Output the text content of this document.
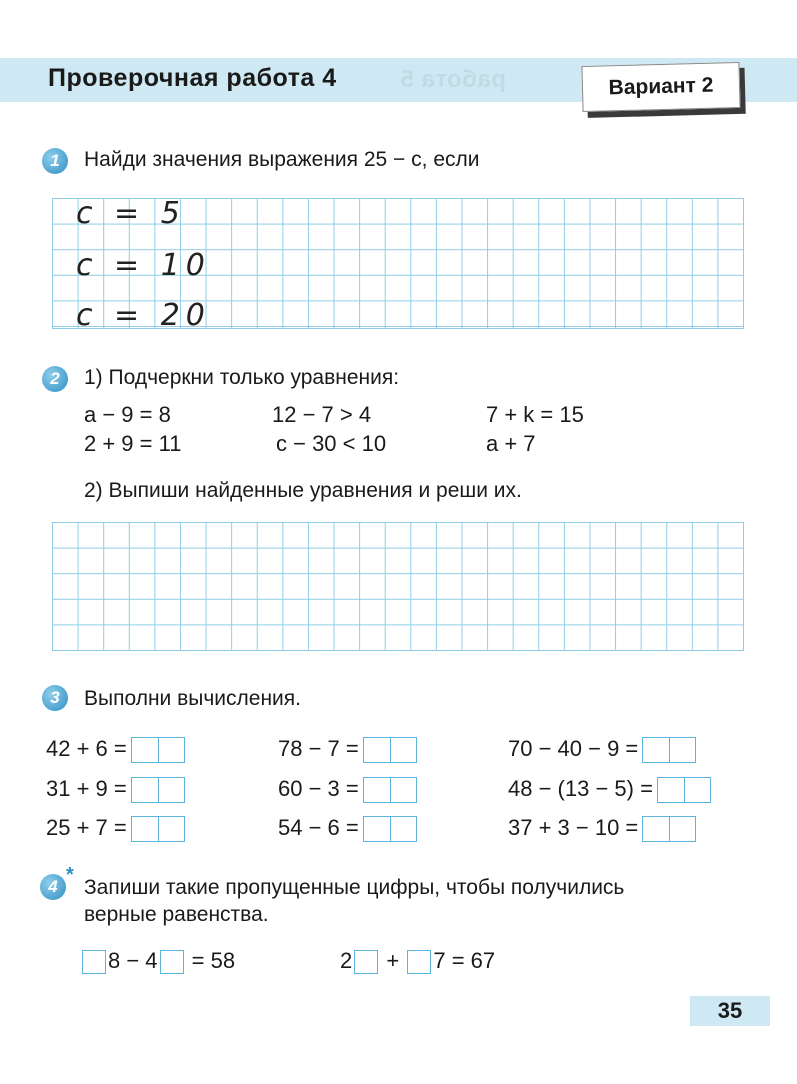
работа 5
Проверочная работа 4	Вариант 2
1	Найди значения выражения 25 − c, если
c = 5
c = 10
c = 20
2	1) Подчеркни только уравнения:
a − 9 = 8	12 − 7 > 4	7 + k = 15
2 + 9 = 11	c − 30 < 10	a + 7
2) Выпиши найденные уравнения и реши их.
3	Выполни вычисления.
42 + 6 =	78 − 7 =	70 − 40 − 9 =
31 + 9 =	60 − 3 =	48 − (13 − 5) =
25 + 7 =	54 − 6 =	37 + 3 − 10 =
4
*
Запиши такие пропущенные цифры, чтобы получились
верные равенства.
8 − 4 = 58	2 + 7 = 67
35
